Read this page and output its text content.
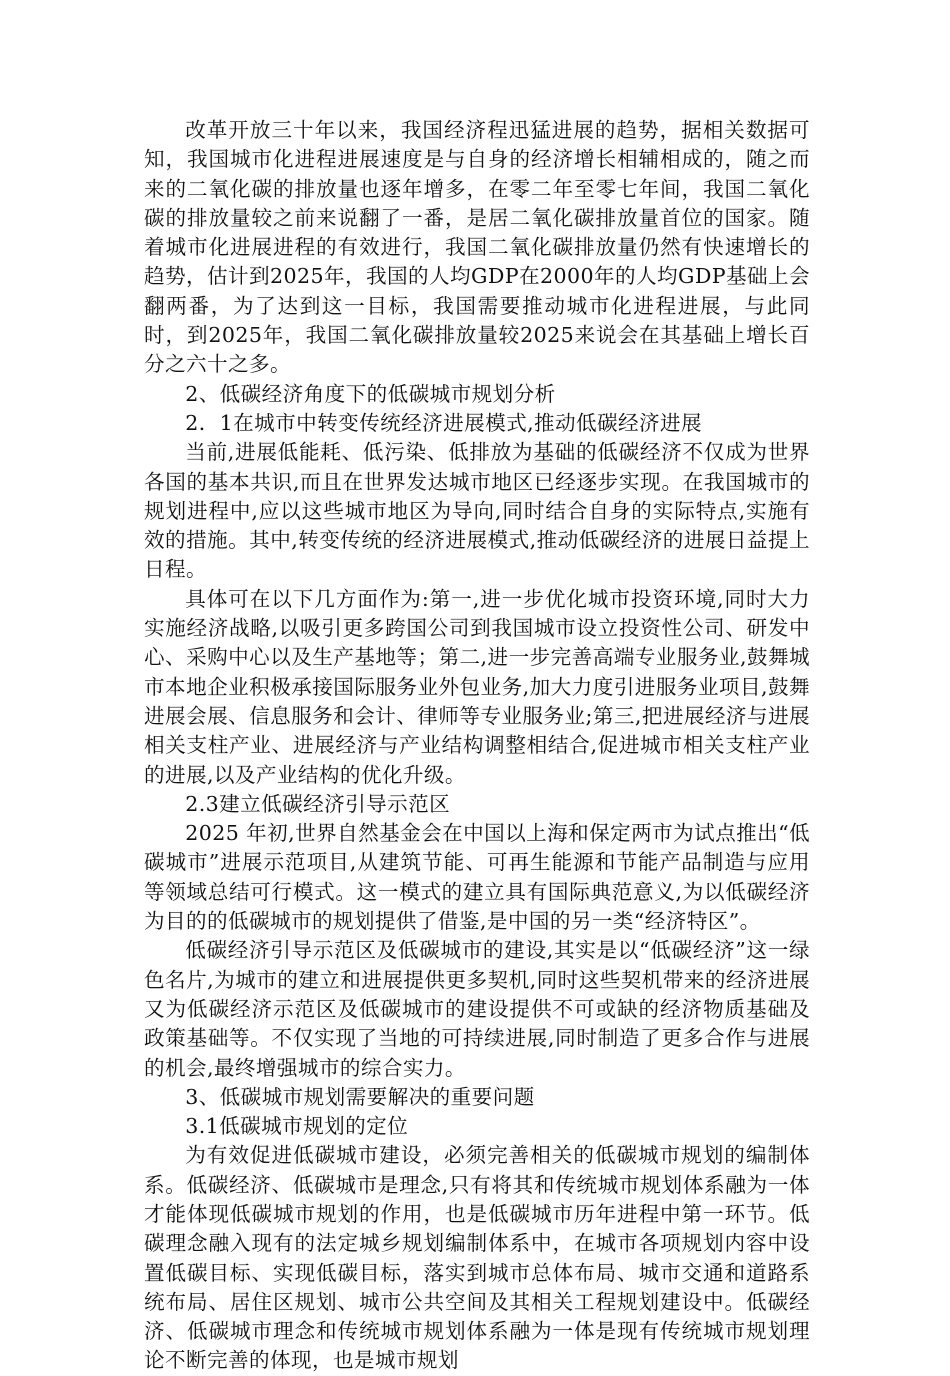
改革开放三十年以来，我国经济程迅猛进展的趋势，据相关数据可知，我国城市化进程进展速度是与自身的经济增长相辅相成的，随之而来的二氧化碳的排放量也逐年增多，在零二年至零七年间，我国二氧化碳的排放量较之前来说翻了一番，是居二氧化碳排放量首位的国家。随着城市化进展进程的有效进行，我国二氧化碳排放量仍然有快速增长的趋势，估计到2025年，我国的人均GDP在2000年的人均GDP基础上会翻两番，为了达到这一目标，我国需要推动城市化进程进展，与此同时，到2025年，我国二氧化碳排放量较2025来说会在其基础上增长百分之六十之多。

2、低碳经济角度下的低碳城市规划分析

2．1在城市中转变传统经济进展模式,推动低碳经济进展

当前,进展低能耗、低污染、低排放为基础的低碳经济不仅成为世界各国的基本共识,而且在世界发达城市地区已经逐步实现。在我国城市的规划进程中,应以这些城市地区为导向,同时结合自身的实际特点,实施有效的措施。其中,转变传统的经济进展模式,推动低碳经济的进展日益提上日程。

具体可在以下几方面作为:第一,进一步优化城市投资环境,同时大力实施经济战略,以吸引更多跨国公司到我国城市设立投资性公司、研发中心、采购中心以及生产基地等；第二,进一步完善高端专业服务业,鼓舞城市本地企业积极承接国际服务业外包业务,加大力度引进服务业项目,鼓舞进展会展、信息服务和会计、律师等专业服务业;第三,把进展经济与进展相关支柱产业、进展经济与产业结构调整相结合,促进城市相关支柱产业的进展,以及产业结构的优化升级。

2.3建立低碳经济引导示范区

2025 年初,世界自然基金会在中国以上海和保定两市为试点推出“低碳城市”进展示范项目,从建筑节能、可再生能源和节能产品制造与应用等领域总结可行模式。这一模式的建立具有国际典范意义,为以低碳经济为目的的低碳城市的规划提供了借鉴,是中国的另一类“经济特区”。

低碳经济引导示范区及低碳城市的建设,其实是以“低碳经济”这一绿色名片,为城市的建立和进展提供更多契机,同时这些契机带来的经济进展又为低碳经济示范区及低碳城市的建设提供不可或缺的经济物质基础及政策基础等。不仅实现了当地的可持续进展,同时制造了更多合作与进展的机会,最终增强城市的综合实力。

3、低碳城市规划需要解决的重要问题

3.1低碳城市规划的定位

为有效促进低碳城市建设，必须完善相关的低碳城市规划的编制体系。低碳经济、低碳城市是理念,只有将其和传统城市规划体系融为一体才能体现低碳城市规划的作用，也是低碳城市历年进程中第一环节。低碳理念融入现有的法定城乡规划编制体系中，在城市各项规划内容中设置低碳目标、实现低碳目标，落实到城市总体布局、城市交通和道路系统布局、居住区规划、城市公共空间及其相关工程规划建设中。低碳经济、低碳城市理念和传统城市规划体系融为一体是现有传统城市规划理论不断完善的体现，也是城市规划
